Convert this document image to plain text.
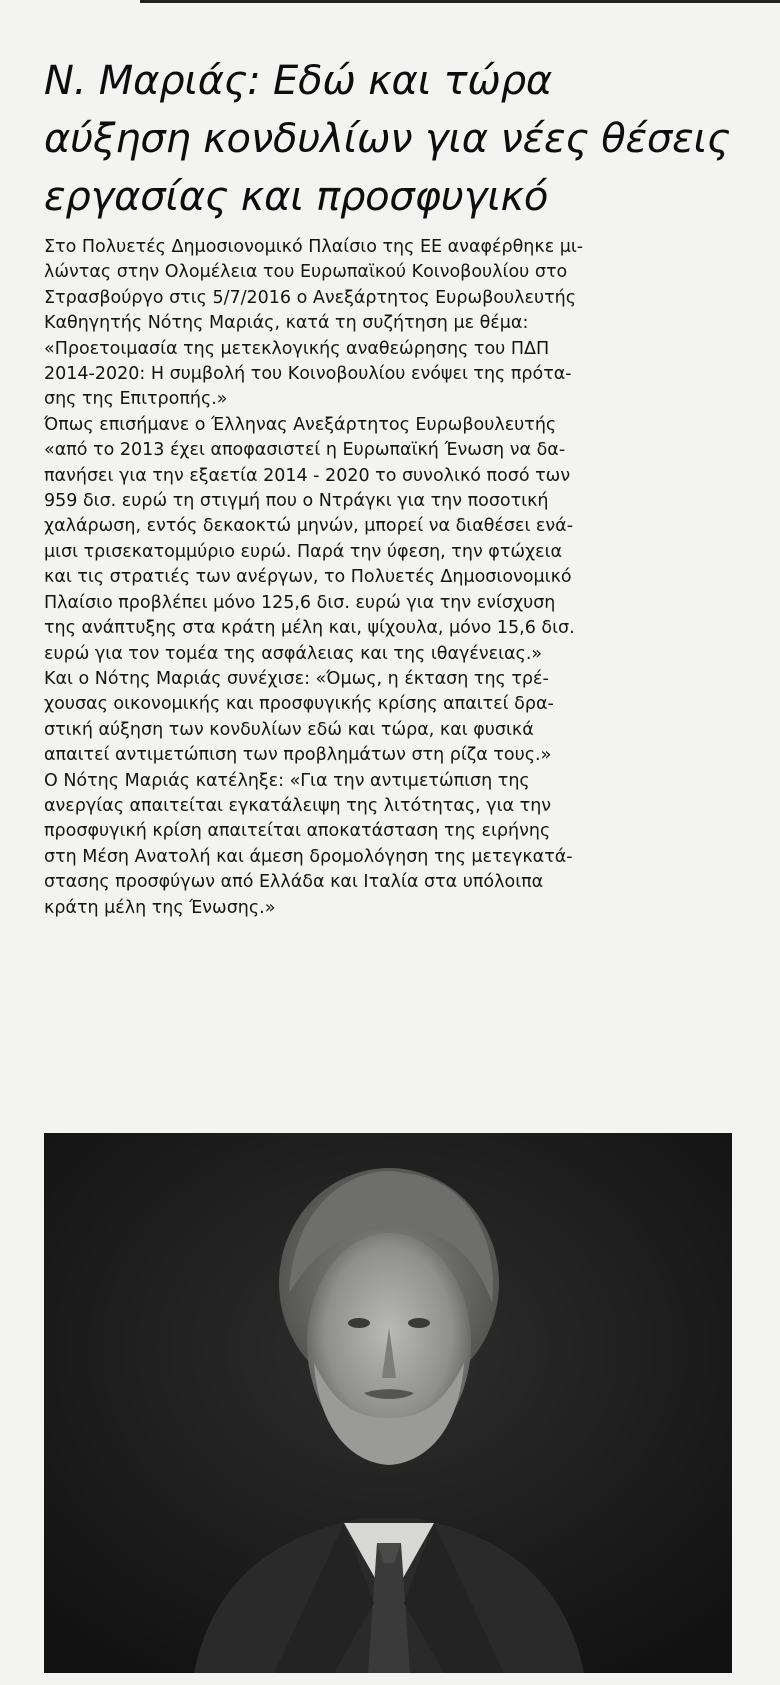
Ν. Μαριάς: Εδώ και τώρα
αύξηση κονδυλίων για νέες θέσεις
εργασίας και προσφυγικό
Στο Πολυετές Δημοσιονομικό Πλαίσιο της ΕΕ αναφέρθηκε μι-
λώντας στην Ολομέλεια του Ευρωπαϊκού Κοινοβουλίου στο
Στρασβούργο στις 5/7/2016 ο Ανεξάρτητος Ευρωβουλευτής
Καθηγητής Νότης Μαριάς, κατά τη συζήτηση με θέμα:
«Προετοιμασία της μετεκλογικής αναθεώρησης του ΠΔΠ
2014-2020: Η συμβολή του Κοινοβουλίου ενόψει της πρότα-
σης της Επιτροπής.»
Όπως επισήμανε ο Έλληνας Ανεξάρτητος Ευρωβουλευτής
«από το 2013 έχει αποφασιστεί η Ευρωπαϊκή Ένωση να δα-
πανήσει για την εξαετία 2014 - 2020 το συνολικό ποσό των
959 δισ. ευρώ τη στιγμή που ο Ντράγκι για την ποσοτική
χαλάρωση, εντός δεκαοκτώ μηνών, μπορεί να διαθέσει ενά-
μισι τρισεκατομμύριο ευρώ. Παρά την ύφεση, την φτώχεια
και τις στρατιές των ανέργων, το Πολυετές Δημοσιονομικό
Πλαίσιο προβλέπει μόνο 125,6 δισ. ευρώ για την ενίσχυση
της ανάπτυξης στα κράτη μέλη και, ψίχουλα, μόνο 15,6 δισ.
ευρώ για τον τομέα της ασφάλειας και της ιθαγένειας.»
Και ο Νότης Μαριάς συνέχισε: «Όμως, η έκταση της τρέ-
χουσας οικονομικής και προσφυγικής κρίσης απαιτεί δρα-
στική αύξηση των κονδυλίων εδώ και τώρα, και φυσικά
απαιτεί αντιμετώπιση των προβλημάτων στη ρίζα τους.»
Ο Νότης Μαριάς κατέληξε: «Για την αντιμετώπιση της
ανεργίας απαιτείται εγκατάλειψη της λιτότητας, για την
προσφυγική κρίση απαιτείται αποκατάσταση της ειρήνης
στη Μέση Ανατολή και άμεση δρομολόγηση της μετεγκατά-
στασης προσφύγων από Ελλάδα και Ιταλία στα υπόλοιπα
κράτη μέλη της Ένωσης.»
